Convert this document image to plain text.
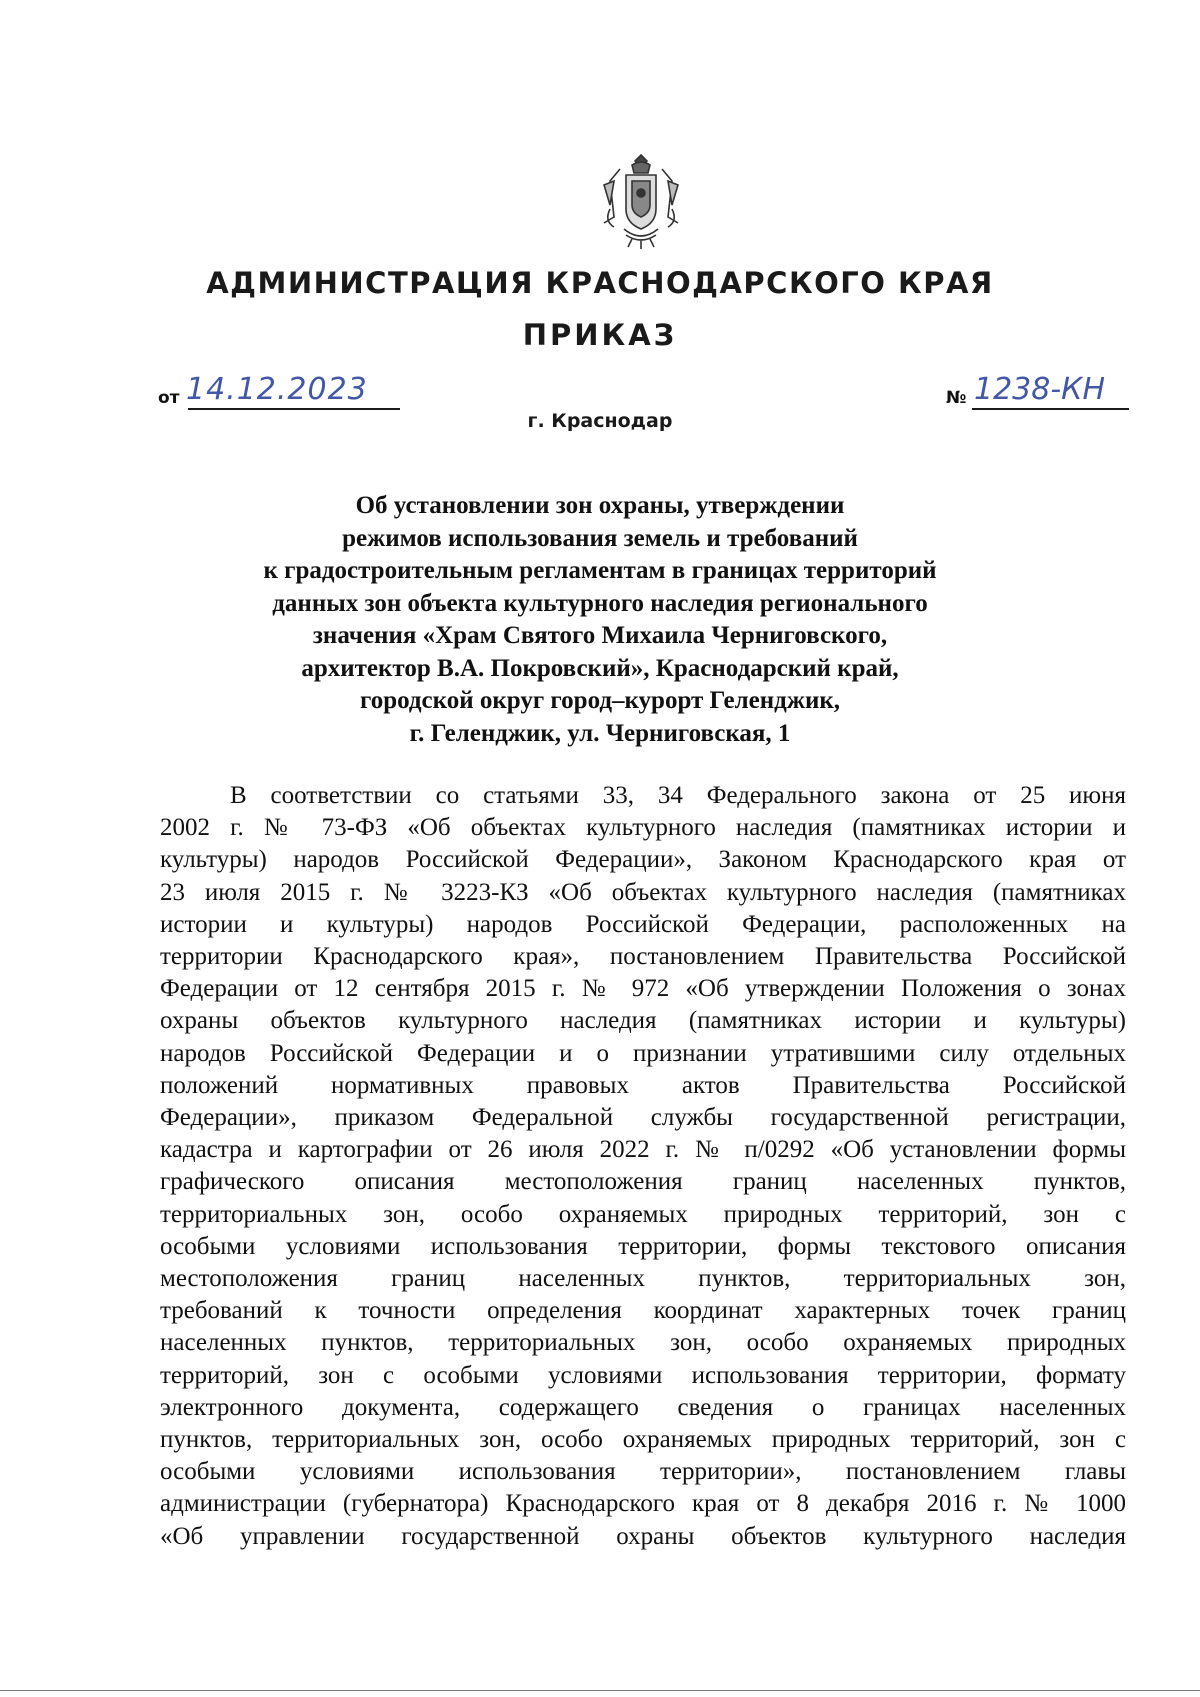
АДМИНИСТРАЦИЯ КРАСНОДАРСКОГО КРАЯ
ПРИКАЗ
от 14.12.2023	№ 1238-КН
г. Краснодар
Об установлении зон охраны, утверждении
режимов использования земель и требований
к градостроительным регламентам в границах территорий
данных зон объекта культурного наследия регионального
значения «Храм Святого Михаила Черниговского,
архитектор В.А. Покровский», Краснодарский край,
городской округ город–курорт Геленджик,
г. Геленджик, ул. Черниговская, 1
В соответствии со статьями 33, 34 Федерального закона от 25 июня
2002 г. № 73-ФЗ «Об объектах культурного наследия (памятниках истории и
культуры) народов Российской Федерации», Законом Краснодарского края от
23 июля 2015 г. № 3223-КЗ «Об объектах культурного наследия (памятниках
истории и культуры) народов Российской Федерации, расположенных на
территории Краснодарского края», постановлением Правительства Российской
Федерации от 12 сентября 2015 г. № 972 «Об утверждении Положения о зонах
охраны объектов культурного наследия (памятниках истории и культуры)
народов Российской Федерации и о признании утратившими силу отдельных
положений нормативных правовых актов Правительства Российской
Федерации», приказом Федеральной службы государственной регистрации,
кадастра и картографии от 26 июля 2022 г. № п/0292 «Об установлении формы
графического описания местоположения границ населенных пунктов,
территориальных зон, особо охраняемых природных территорий, зон с
особыми условиями использования территории, формы текстового описания
местоположения границ населенных пунктов, территориальных зон,
требований к точности определения координат характерных точек границ
населенных пунктов, территориальных зон, особо охраняемых природных
территорий, зон с особыми условиями использования территории, формату
электронного документа, содержащего сведения о границах населенных
пунктов, территориальных зон, особо охраняемых природных территорий, зон с
особыми условиями использования территории», постановлением главы
администрации (губернатора) Краснодарского края от 8 декабря 2016 г. № 1000
«Об управлении государственной охраны объектов культурного наследия
